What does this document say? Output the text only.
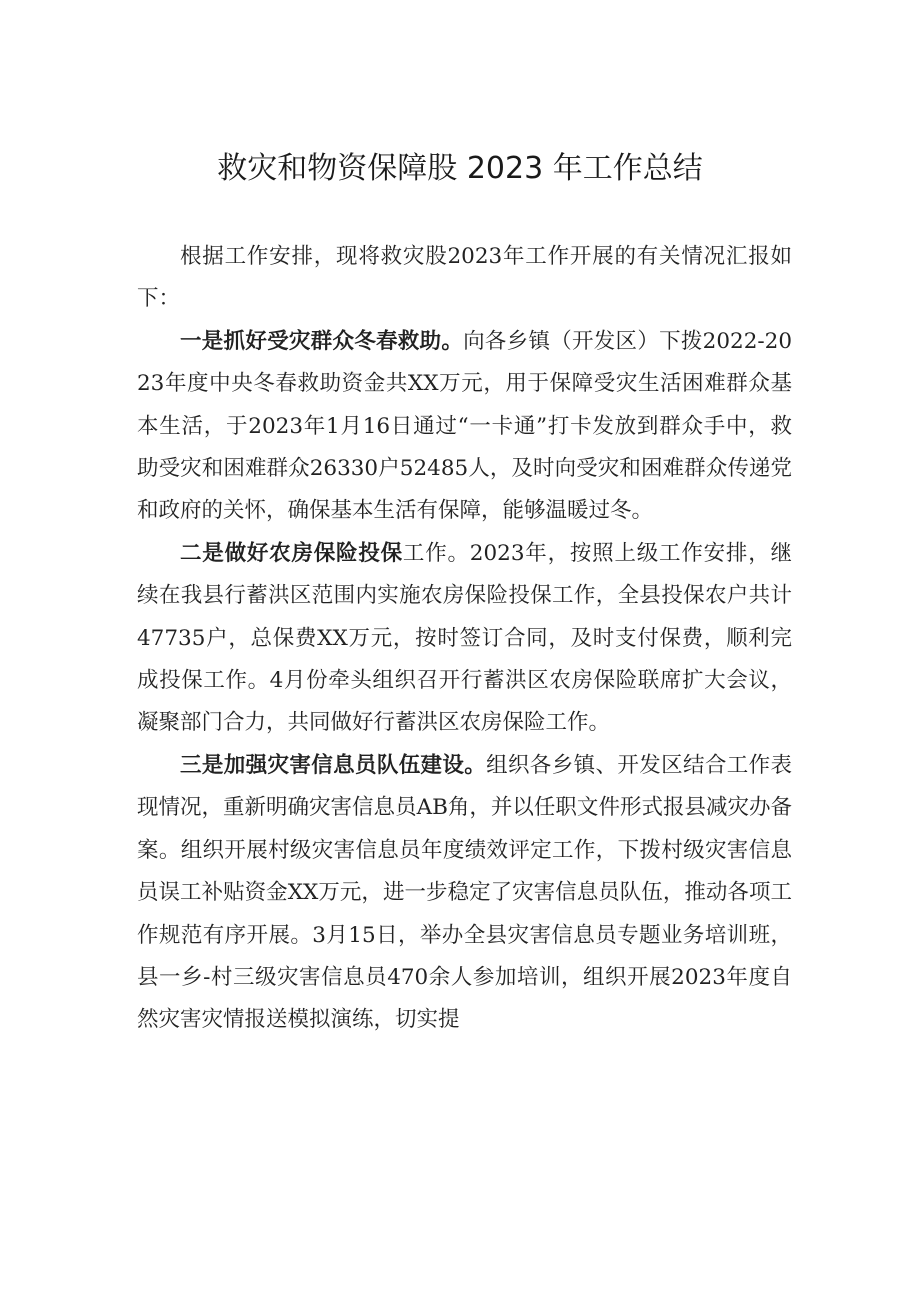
救灾和物资保障股 2023 年工作总结

根据工作安排，现将救灾股2023年工作开展的有关情况汇报如下：

一是抓好受灾群众冬春救助。向各乡镇（开发区）下拨2022-2023年度中央冬春救助资金共XX万元，用于保障受灾生活困难群众基本生活，于2023年1月16日通过“一卡通”打卡发放到群众手中，救助受灾和困难群众26330户52485人，及时向受灾和困难群众传递党和政府的关怀，确保基本生活有保障，能够温暖过冬。

二是做好农房保险投保工作。2023年，按照上级工作安排，继续在我县行蓄洪区范围内实施农房保险投保工作，全县投保农户共计47735户，总保费XX万元，按时签订合同，及时支付保费，顺利完成投保工作。4月份牵头组织召开行蓄洪区农房保险联席扩大会议，凝聚部门合力，共同做好行蓄洪区农房保险工作。

三是加强灾害信息员队伍建设。组织各乡镇、开发区结合工作表现情况，重新明确灾害信息员AB角，并以任职文件形式报县减灾办备案。组织开展村级灾害信息员年度绩效评定工作，下拨村级灾害信息员误工补贴资金XX万元，进一步稳定了灾害信息员队伍，推动各项工作规范有序开展。3月15日，举办全县灾害信息员专题业务培训班，县一乡-村三级灾害信息员470余人参加培训，组织开展2023年度自然灾害灾情报送模拟演练，切实提
